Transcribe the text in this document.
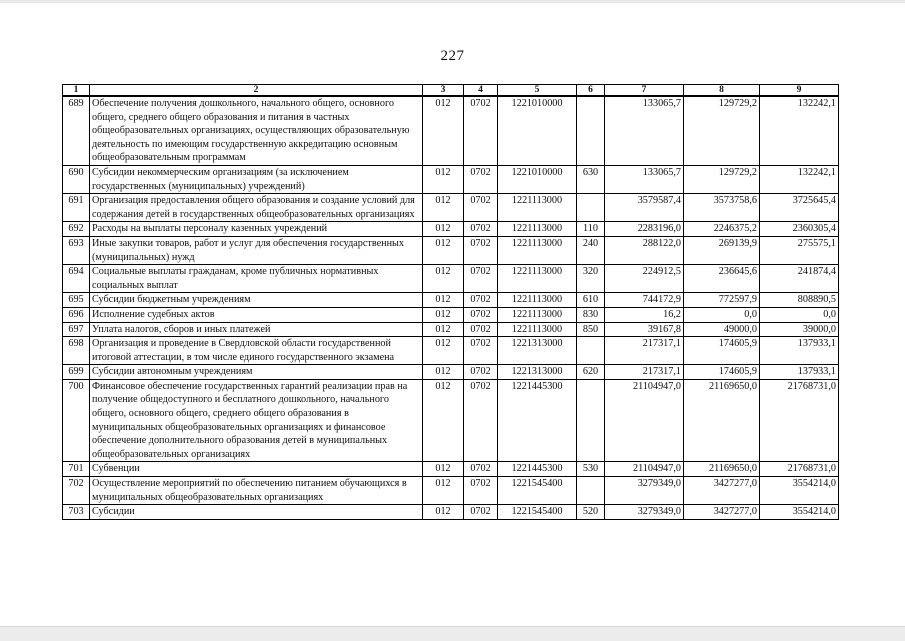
227
1	2	3	4	5	6	7	8	9
689	Обеспечение получения дошкольного, начального общего, основного общего, среднего общего образования и питания в частных общеобразовательных организациях, осуществляющих образовательную деятельность по имеющим государственную аккредитацию основным общеобразовательным программам	012	0702	1221010000		133065,7	129729,2	132242,1
690	Субсидии некоммерческим организациям (за исключением государственных (муниципальных) учреждений)	012	0702	1221010000	630	133065,7	129729,2	132242,1
691	Организация предоставления общего образования и создание условий для содержания детей в государственных общеобразовательных организациях	012	0702	1221113000		3579587,4	3573758,6	3725645,4
692	Расходы на выплаты персоналу казенных учреждений	012	0702	1221113000	110	2283196,0	2246375,2	2360305,4
693	Иные закупки товаров, работ и услуг для обеспечения государственных (муниципальных) нужд	012	0702	1221113000	240	288122,0	269139,9	275575,1
694	Социальные выплаты гражданам, кроме публичных нормативных социальных выплат	012	0702	1221113000	320	224912,5	236645,6	241874,4
695	Субсидии бюджетным учреждениям	012	0702	1221113000	610	744172,9	772597,9	808890,5
696	Исполнение судебных актов	012	0702	1221113000	830	16,2	0,0	0,0
697	Уплата налогов, сборов и иных платежей	012	0702	1221113000	850	39167,8	49000,0	39000,0
698	Организация и проведение в Свердловской области государственной итоговой аттестации, в том числе единого государственного экзамена	012	0702	1221313000		217317,1	174605,9	137933,1
699	Субсидии автономным учреждениям	012	0702	1221313000	620	217317,1	174605,9	137933,1
700	Финансовое обеспечение государственных гарантий реализации прав на получение общедоступного и бесплатного дошкольного, начального общего, основного общего, среднего общего образования в муниципальных общеобразовательных организациях и финансовое обеспечение дополнительного образования детей в муниципальных общеобразовательных организациях	012	0702	1221445300		21104947,0	21169650,0	21768731,0
701	Субвенции	012	0702	1221445300	530	21104947,0	21169650,0	21768731,0
702	Осуществление мероприятий по обеспечению питанием обучающихся в муниципальных общеобразовательных организациях	012	0702	1221545400		3279349,0	3427277,0	3554214,0
703	Субсидии	012	0702	1221545400	520	3279349,0	3427277,0	3554214,0
